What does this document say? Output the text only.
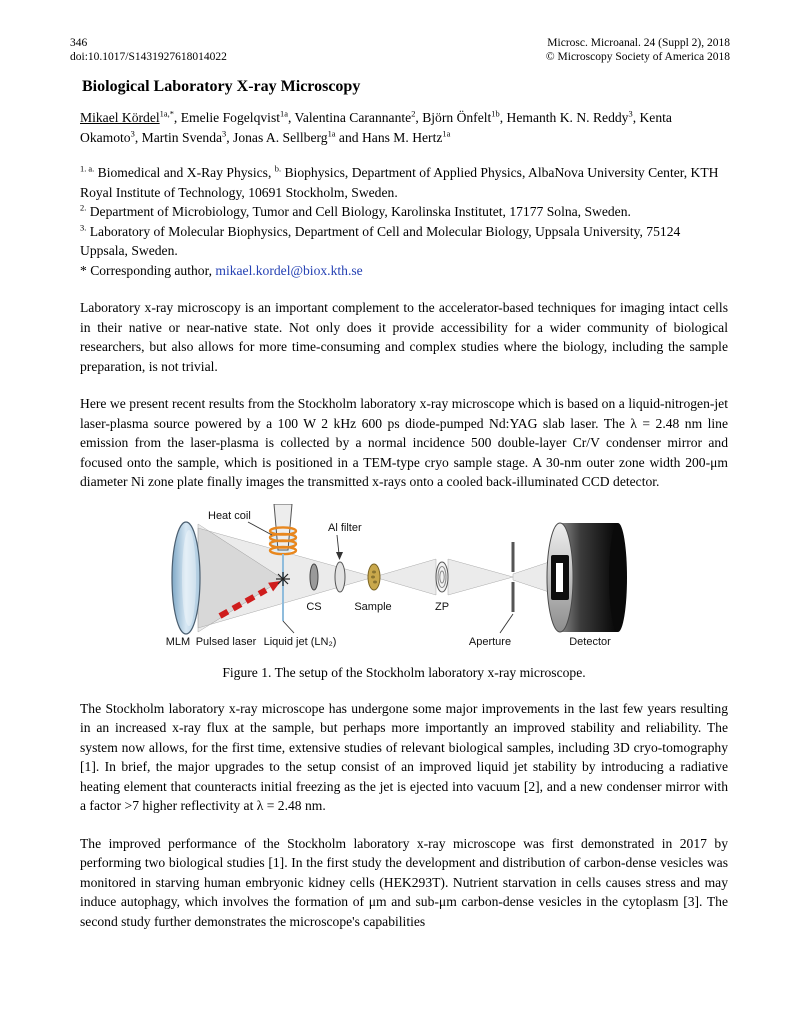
346
doi:10.1017/S1431927618014022
Microsc. Microanal. 24 (Suppl 2), 2018
© Microscopy Society of America 2018
Biological Laboratory X-ray Microscopy

Mikael Kördel$^{1a,*}$, Emelie Fogelqvist$^{1a}$, Valentina Carannante$^2$, Björn Önfelt$^{1b}$, Hemanth K. N. Reddy$^3$, Kenta Okamoto$^3$, Martin Svenda$^3$, Jonas A. Sellberg$^{1a}$ and Hans M. Hertz$^{1a}$

$^{1. a.}$ Biomedical and X-Ray Physics, $^{b.}$ Biophysics, Department of Applied Physics, AlbaNova University Center, KTH Royal Institute of Technology, 10691 Stockholm, Sweden.
$^{2.}$ Department of Microbiology, Tumor and Cell Biology, Karolinska Institutet, 17177 Solna, Sweden.
$^{3.}$ Laboratory of Molecular Biophysics, Department of Cell and Molecular Biology, Uppsala University, 75124 Uppsala, Sweden.
* Corresponding author, mikael.kordel@biox.kth.se

Laboratory x-ray microscopy is an important complement to the accelerator-based techniques for imaging intact cells in their native or near-native state. Not only does it provide accessibility for a wider community of biological researchers, but also allows for more time-consuming and complex studies where the biology, including the sample preparation, is not trivial.

Here we present recent results from the Stockholm laboratory x-ray microscope which is based on a liquid-nitrogen-jet laser-plasma source powered by a 100 W 2 kHz 600 ps diode-pumped Nd:YAG slab laser. The λ = 2.48 nm line emission from the laser-plasma is collected by a normal incidence 500 double-layer Cr/V condenser mirror and focused onto the sample, which is positioned in a TEM-type cryo sample stage. A 30-nm outer zone width 200-μm diameter Ni zone plate finally images the transmitted x-rays onto a cooled back-illuminated CCD detector.

Heat coil
Al filter
CS	Sample	ZP
MLM Pulsed laser Liquid jet (LN₂)	Aperture	Detector
Figure 1. The setup of the Stockholm laboratory x-ray microscope.

The Stockholm laboratory x-ray microscope has undergone some major improvements in the last few years resulting in an increased x-ray flux at the sample, but perhaps more importantly an improved stability and reliability. The system now allows, for the first time, extensive studies of relevant biological samples, including 3D cryo-tomography [1]. In brief, the major upgrades to the setup consist of an improved liquid jet stability by introducing a radiative heating element that counteracts initial freezing as the jet is ejected into vacuum [2], and a new condenser mirror with a factor >7 higher reflectivity at λ = 2.48 nm.

The improved performance of the Stockholm laboratory x-ray microscope was first demonstrated in 2017 by performing two biological studies [1]. In the first study the development and distribution of carbon-dense vesicles was monitored in starving human embryonic kidney cells (HEK293T). Nutrient starvation in cells causes stress and may induce autophagy, which involves the formation of μm and sub-μm carbon-dense vesicles in the cytoplasm [3]. The second study further demonstrates the microscope's capabilities
